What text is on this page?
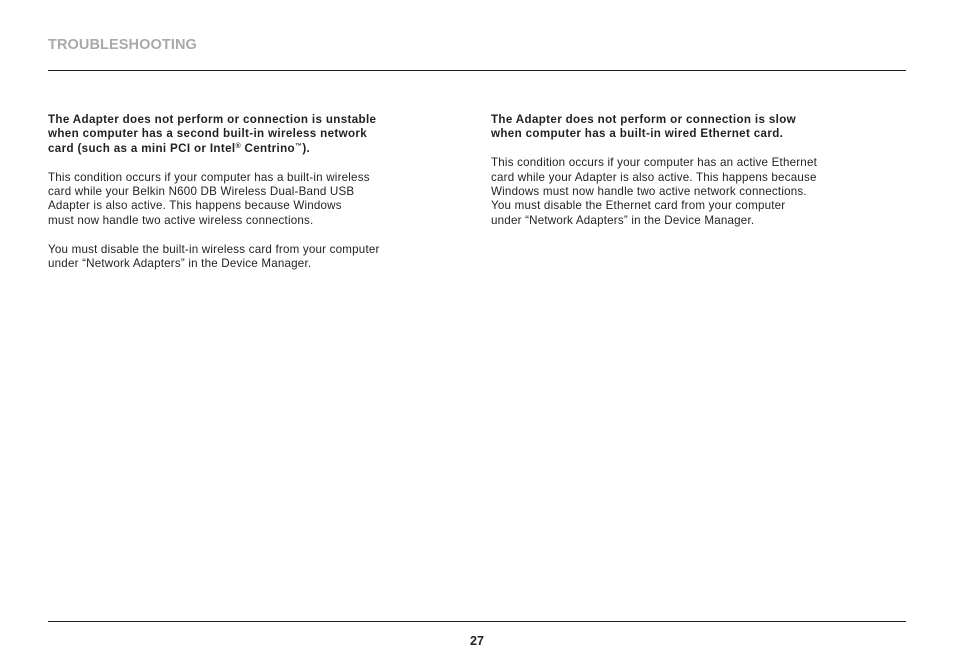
TROUBLESHOOTING
The Adapter does not perform or connection is unstable
when computer has a second built-in wireless network
card (such as a mini PCI or Intel® Centrino™).
This condition occurs if your computer has a built-in wireless
card while your Belkin N600 DB Wireless Dual-Band USB
Adapter is also active. This happens because Windows
must now handle two active wireless connections.
You must disable the built-in wireless card from your computer
under “Network Adapters” in the Device Manager.
The Adapter does not perform or connection is slow
when computer has a built-in wired Ethernet card.
This condition occurs if your computer has an active Ethernet
card while your Adapter is also active. This happens because
Windows must now handle two active network connections.
You must disable the Ethernet card from your computer
under “Network Adapters” in the Device Manager.
27
